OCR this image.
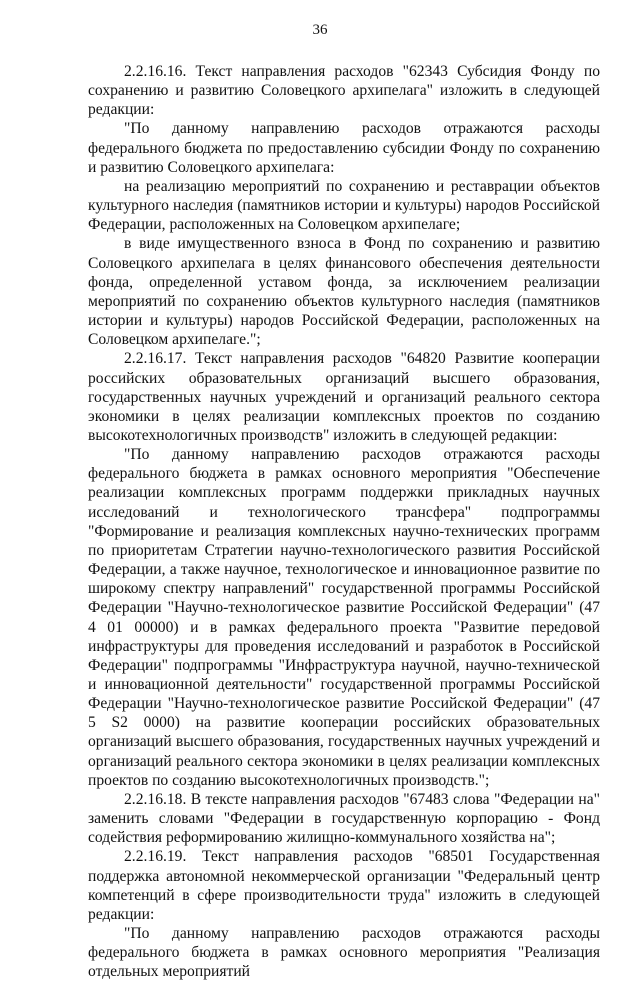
36

2.2.16.16. Текст направления расходов "62343 Субсидия Фонду по сохранению и развитию Соловецкого архипелага" изложить в следующей редакции:

"По данному направлению расходов отражаются расходы федерального бюджета по предоставлению субсидии Фонду по сохранению и развитию Соловецкого архипелага:

на реализацию мероприятий по сохранению и реставрации объектов культурного наследия (памятников истории и культуры) народов Российской Федерации, расположенных на Соловецком архипелаге;

в виде имущественного взноса в Фонд по сохранению и развитию Соловецкого архипелага в целях финансового обеспечения деятельности фонда, определенной уставом фонда, за исключением реализации мероприятий по сохранению объектов культурного наследия (памятников истории и культуры) народов Российской Федерации, расположенных на Соловецком архипелаге.";

2.2.16.17. Текст направления расходов "64820 Развитие кооперации российских образовательных организаций высшего образования, государственных научных учреждений и организаций реального сектора экономики в целях реализации комплексных проектов по созданию высокотехнологичных производств" изложить в следующей редакции:

"По данному направлению расходов отражаются расходы федерального бюджета в рамках основного мероприятия "Обеспечение реализации комплексных программ поддержки прикладных научных исследований и технологического трансфера" подпрограммы "Формирование и реализация комплексных научно-технических программ по приоритетам Стратегии научно-технологического развития Российской Федерации, а также научное, технологическое и инновационное развитие по широкому спектру направлений" государственной программы Российской Федерации "Научно-технологическое развитие Российской Федерации" (47 4 01 00000) и в рамках федерального проекта "Развитие передовой инфраструктуры для проведения исследований и разработок в Российской Федерации" подпрограммы "Инфраструктура научной, научно-технической и инновационной деятельности" государственной программы Российской Федерации "Научно-технологическое развитие Российской Федерации" (47 5 S2 0000) на развитие кооперации российских образовательных организаций высшего образования, государственных научных учреждений и организаций реального сектора экономики в целях реализации комплексных проектов по созданию высокотехнологичных производств.";

2.2.16.18. В тексте направления расходов "67483 слова "Федерации на" заменить словами "Федерации в государственную корпорацию - Фонд содействия реформированию жилищно-коммунального хозяйства на";

2.2.16.19. Текст направления расходов "68501 Государственная поддержка автономной некоммерческой организации "Федеральный центр компетенций в сфере производительности труда" изложить в следующей редакции:

"По данному направлению расходов отражаются расходы федерального бюджета в рамках основного мероприятия "Реализация отдельных мероприятий
